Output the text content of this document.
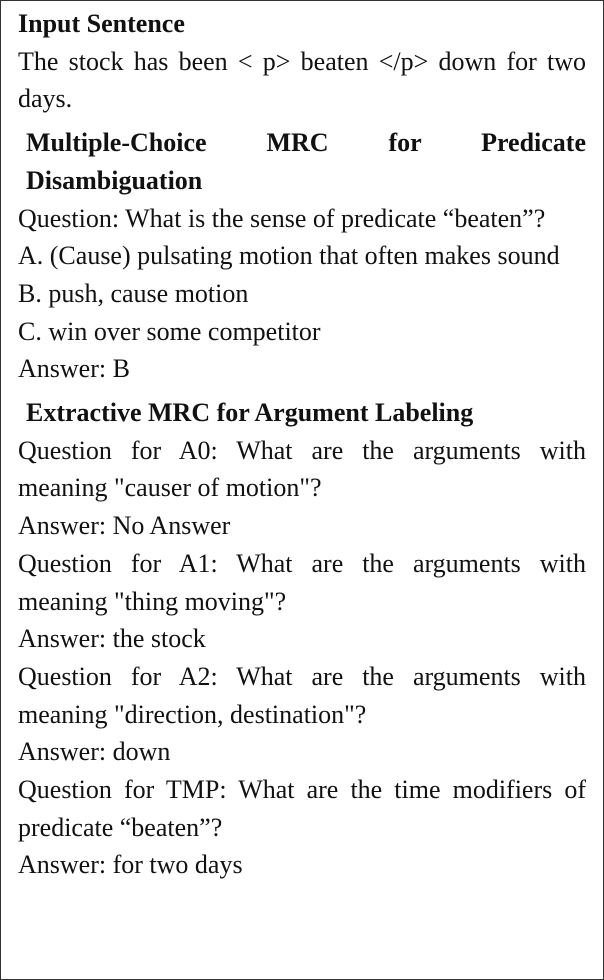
Input Sentence

The stock has been < p> beaten </p> down for two days.

Multiple-Choice MRC for Predicate Disambiguation

Question: What is the sense of predicate “beaten”?

A. (Cause) pulsating motion that often makes sound

B. push, cause motion

C. win over some competitor

Answer: B

Extractive MRC for Argument Labeling

Question for A0: What are the arguments with meaning "causer of motion"?

Answer: No Answer

Question for A1: What are the arguments with meaning "thing moving"?

Answer: the stock

Question for A2: What are the arguments with meaning "direction, destination"?

Answer: down

Question for TMP: What are the time modifiers of predicate “beaten”?

Answer: for two days
